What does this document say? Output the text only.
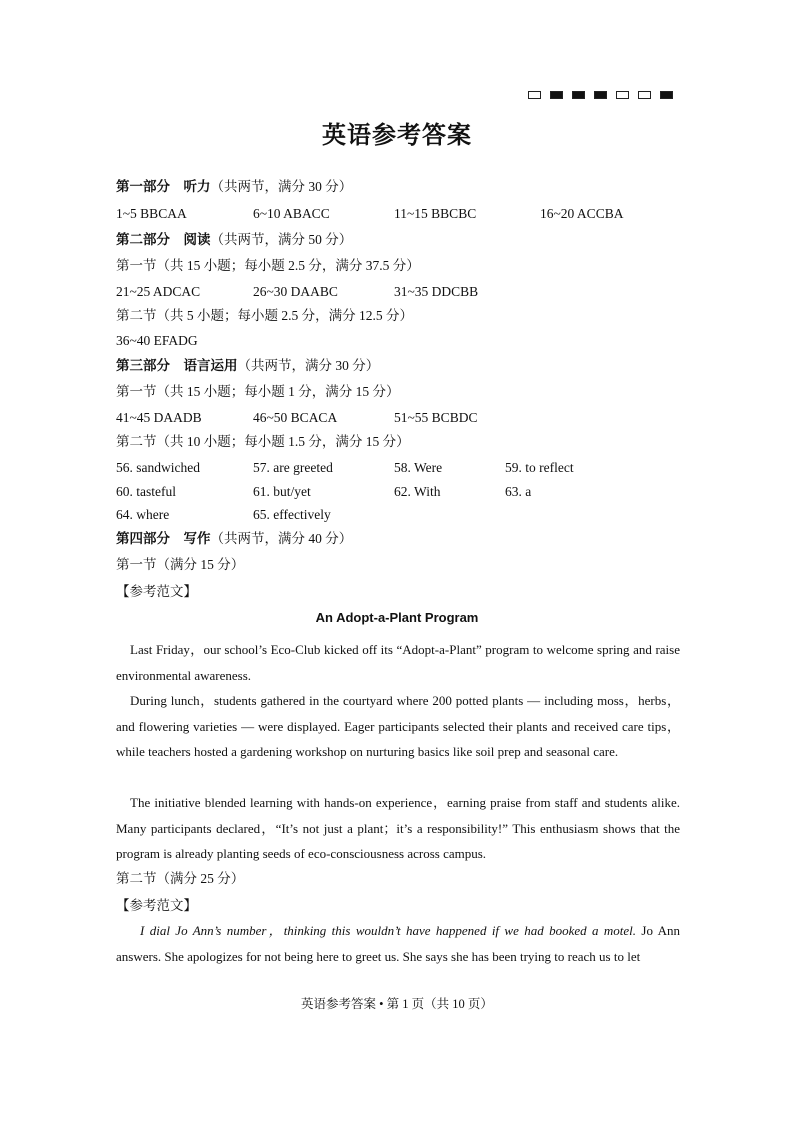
英语参考答案
第一部分　听力（共两节，满分 30 分）
1~5 BBCAA	6~10 ABACC	11~15 BBCBC	16~20 ACCBA
第二部分　阅读（共两节，满分 50 分）
第一节（共 15 小题；每小题 2.5 分，满分 37.5 分）
21~25 ADCAC	26~30 DAABC	31~35 DDCBB
第二节（共 5 小题；每小题 2.5 分，满分 12.5 分）
36~40 EFADG
第三部分　语言运用（共两节，满分 30 分）
第一节（共 15 小题；每小题 1 分，满分 15 分）
41~45 DAADB	46~50 BCACA	51~55 BCBDC
第二节（共 10 小题；每小题 1.5 分，满分 15 分）
56. sandwiched	57. are greeted	58. Were	59. to reflect
60. tasteful	61. but/yet	62. With	63. a
64. where	65. effectively
第四部分　写作（共两节，满分 40 分）
第一节（满分 15 分）
【参考范文】
An Adopt-a-Plant Program
Last Friday，our school’s Eco-Club kicked off its “Adopt-a-Plant” program to welcome spring and raise environmental awareness.
During lunch，students gathered in the courtyard where 200 potted plants — including moss，herbs，and flowering varieties — were displayed. Eager participants selected their plants and received care tips，while teachers hosted a gardening workshop on nurturing basics like soil prep and seasonal care.
The initiative blended learning with hands-on experience，earning praise from staff and students alike. Many participants declared，“It’s not just a plant；it’s a responsibility!” This enthusiasm shows that the program is already planting seeds of eco-consciousness across campus.
第二节（满分 25 分）
【参考范文】
I dial Jo Ann’s number，thinking this wouldn’t have happened if we had booked a motel. Jo Ann answers. She apologizes for not being here to greet us. She says she has been trying to reach us to let
英语参考答案 • 第 1 页（共 10 页）
